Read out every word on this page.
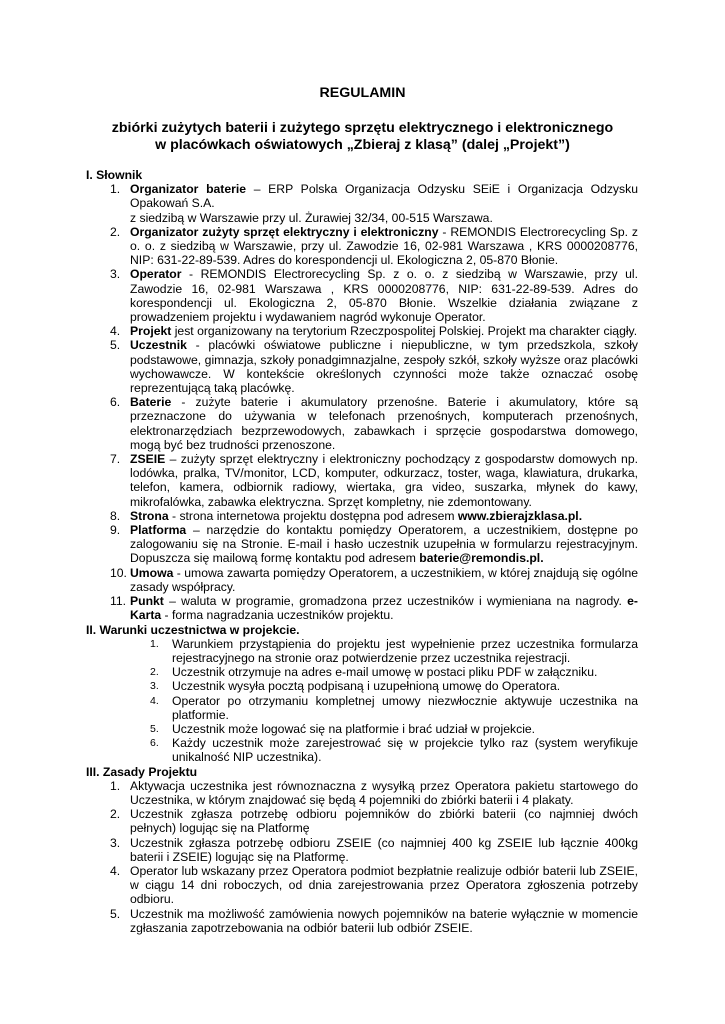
REGULAMIN
zbiórki zużytych baterii i zużytego sprzętu elektrycznego i elektronicznego
w placówkach oświatowych „Zbieraj z klasą” (dalej „Projekt”)
I. Słownik
1. Organizator baterie – ERP Polska Organizacja Odzysku SEiE i Organizacja Odzysku Opakowań S.A.
z siedzibą w Warszawie przy ul. Żurawiej 32/34, 00-515 Warszawa.
2. Organizator zużyty sprzęt elektryczny i elektroniczny - REMONDIS Electrorecycling Sp. z o. o. z siedzibą w Warszawie, przy ul. Zawodzie 16, 02-981 Warszawa , KRS 0000208776, NIP: 631-22-89-539. Adres do korespondencji ul. Ekologiczna 2, 05-870 Błonie.
3. Operator - REMONDIS Electrorecycling Sp. z o. o. z siedzibą w Warszawie, przy ul. Zawodzie 16, 02-981 Warszawa , KRS 0000208776, NIP: 631-22-89-539. Adres do korespondencji ul. Ekologiczna 2, 05-870 Błonie. Wszelkie działania związane z prowadzeniem projektu i wydawaniem nagród wykonuje Operator.
4. Projekt jest organizowany na terytorium Rzeczpospolitej Polskiej. Projekt ma charakter ciągły.
5. Uczestnik - placówki oświatowe publiczne i niepubliczne, w tym przedszkola, szkoły podstawowe, gimnazja, szkoły ponadgimnazjalne, zespoły szkół, szkoły wyższe oraz placówki wychowawcze. W kontekście określonych czynności może także oznaczać osobę reprezentującą taką placówkę.
6. Baterie - zużyte baterie i akumulatory przenośne. Baterie i akumulatory, które są przeznaczone do używania w telefonach przenośnych, komputerach przenośnych, elektronarzędziach bezprzewodowych, zabawkach i sprzęcie gospodarstwa domowego, mogą być bez trudności przenoszone.
7. ZSEIE – zużyty sprzęt elektryczny i elektroniczny pochodzący z gospodarstw domowych np. lodówka, pralka, TV/monitor, LCD, komputer, odkurzacz, toster, waga, klawiatura, drukarka, telefon, kamera, odbiornik radiowy, wiertaka, gra video, suszarka, młynek do kawy, mikrofalówka, zabawka elektryczna. Sprzęt kompletny, nie zdemontowany.
8. Strona - strona internetowa projektu dostępna pod adresem www.zbierajzklasa.pl.
9. Platforma – narzędzie do kontaktu pomiędzy Operatorem, a uczestnikiem, dostępne po zalogowaniu się na Stronie. E-mail i hasło uczestnik uzupełnia w formularzu rejestracyjnym. Dopuszcza się mailową formę kontaktu pod adresem baterie@remondis.pl.
10. Umowa - umowa zawarta pomiędzy Operatorem, a uczestnikiem, w której znajdują się ogólne zasady współpracy.
11. Punkt – waluta w programie, gromadzona przez uczestników i wymieniana na nagrody. e-Karta - forma nagradzania uczestników projektu.
II. Warunki uczestnictwa w projekcie.
1. Warunkiem przystąpienia do projektu jest wypełnienie przez uczestnika formularza rejestracyjnego na stronie oraz potwierdzenie przez uczestnika rejestracji.
2. Uczestnik otrzymuje na adres e-mail umowę w postaci pliku PDF w załączniku.
3. Uczestnik wysyła pocztą podpisaną i uzupełnioną umowę do Operatora.
4. Operator po otrzymaniu kompletnej umowy niezwłocznie aktywuje uczestnika na platformie.
5. Uczestnik może logować się na platformie i brać udział w projekcie.
6. Każdy uczestnik może zarejestrować się w projekcie tylko raz (system weryfikuje unikalność NIP uczestnika).
III. Zasady Projektu
1. Aktywacja uczestnika jest równoznaczna z wysyłką przez Operatora pakietu startowego do Uczestnika, w którym znajdować się będą 4 pojemniki do zbiórki baterii i 4 plakaty.
2. Uczestnik zgłasza potrzebę odbioru pojemników do zbiórki baterii (co najmniej dwóch pełnych) logując się na Platformę
3. Uczestnik zgłasza potrzebę odbioru ZSEIE (co najmniej 400 kg ZSEIE lub łącznie 400kg baterii i ZSEIE) logując się na Platformę.
4. Operator lub wskazany przez Operatora podmiot bezpłatnie realizuje odbiór baterii lub ZSEIE, w ciągu 14 dni roboczych, od dnia zarejestrowania przez Operatora zgłoszenia potrzeby odbioru.
5. Uczestnik ma możliwość zamówienia nowych pojemników na baterie wyłącznie w momencie zgłaszania zapotrzebowania na odbiór baterii lub odbiór ZSEIE.
